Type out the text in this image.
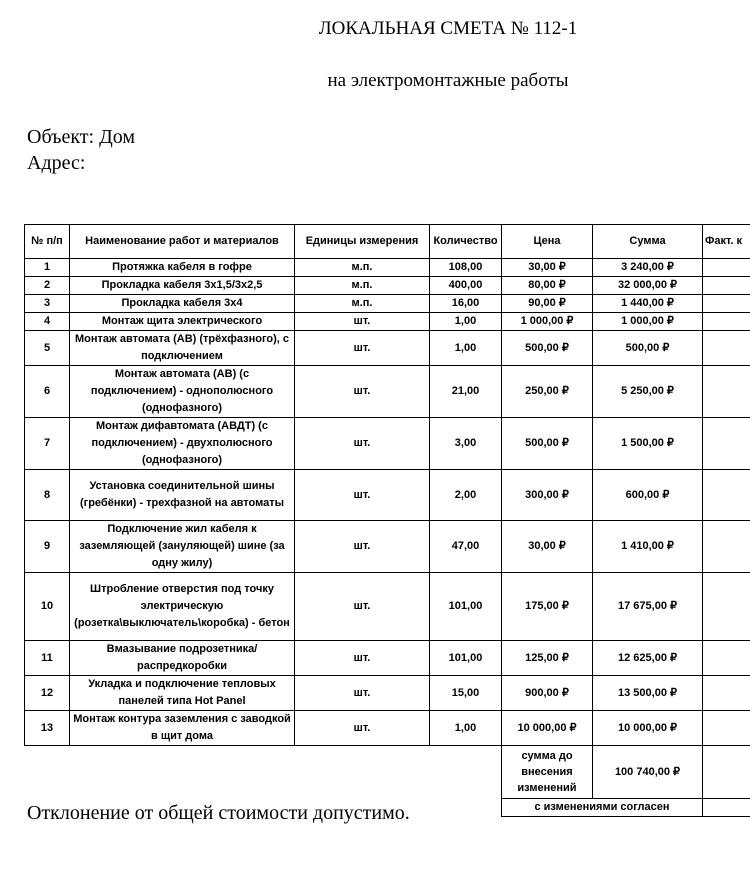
ЛОКАЛЬНАЯ СМЕТА № 112-1
на электромонтажные работы
Объект: Дом
Адрес:
№ п/п	Наименование работ и материалов	Единицы измерения	Количество	Цена	Сумма	Факт. к
1	Протяжка кабеля в гофре	м.п.	108,00	30,00 ₽	3 240,00 ₽	
2	Прокладка кабеля 3х1,5/3х2,5	м.п.	400,00	80,00 ₽	32 000,00 ₽	
3	Прокладка кабеля 3х4	м.п.	16,00	90,00 ₽	1 440,00 ₽	
4	Монтаж щита электрического	шт.	1,00	1 000,00 ₽	1 000,00 ₽	
5	Монтаж автомата (АВ) (трёхфазного), с подключением	шт.	1,00	500,00 ₽	500,00 ₽	
6	Монтаж автомата (АВ) (с подключением) - однополюсного (однофазного)	шт.	21,00	250,00 ₽	5 250,00 ₽	
7	Монтаж дифавтомата (АВДТ) (с подключением) - двухполюсного (однофазного)	шт.	3,00	500,00 ₽	1 500,00 ₽	
8	Установка соединительной шины (гребёнки) - трехфазной на автоматы	шт.	2,00	300,00 ₽	600,00 ₽	
9	Подключение жил кабеля к заземляющей (зануляющей) шине (за одну жилу)	шт.	47,00	30,00 ₽	1 410,00 ₽	
10	Штробление отверстия под точку электрическую (розетка\выключатель\коробка) - бетон	шт.	101,00	175,00 ₽	17 675,00 ₽	
11	Вмазывание подрозетника/распредкоробки	шт.	101,00	125,00 ₽	12 625,00 ₽	
12	Укладка и подключение тепловых панелей типа Hot Panel	шт.	15,00	900,00 ₽	13 500,00 ₽	
13	Монтаж контура заземления с заводкой в щит дома	шт.	1,00	10 000,00 ₽	10 000,00 ₽	
				сумма до внесения изменений	100 740,00 ₽	
				с изменениями согласен		
Отклонение от общей стоимости допустимо.
